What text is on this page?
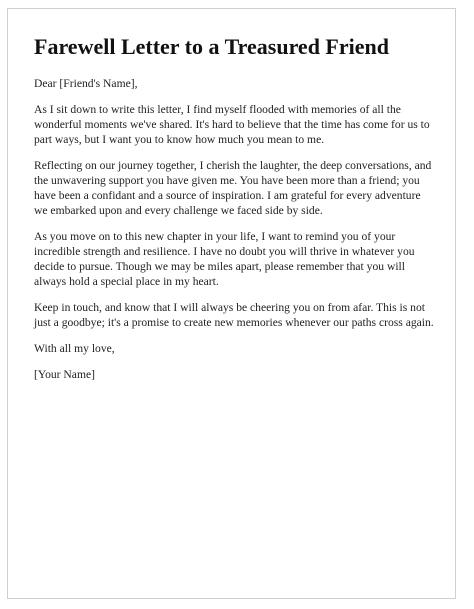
Farewell Letter to a Treasured Friend

Dear [Friend's Name],

As I sit down to write this letter, I find myself flooded with memories of all the wonderful moments we've shared. It's hard to believe that the time has come for us to part ways, but I want you to know how much you mean to me.

Reflecting on our journey together, I cherish the laughter, the deep conversations, and the unwavering support you have given me. You have been more than a friend; you have been a confidant and a source of inspiration. I am grateful for every adventure we embarked upon and every challenge we faced side by side.

As you move on to this new chapter in your life, I want to remind you of your incredible strength and resilience. I have no doubt you will thrive in whatever you decide to pursue. Though we may be miles apart, please remember that you will always hold a special place in my heart.

Keep in touch, and know that I will always be cheering you on from afar. This is not just a goodbye; it's a promise to create new memories whenever our paths cross again.

With all my love,

[Your Name]
